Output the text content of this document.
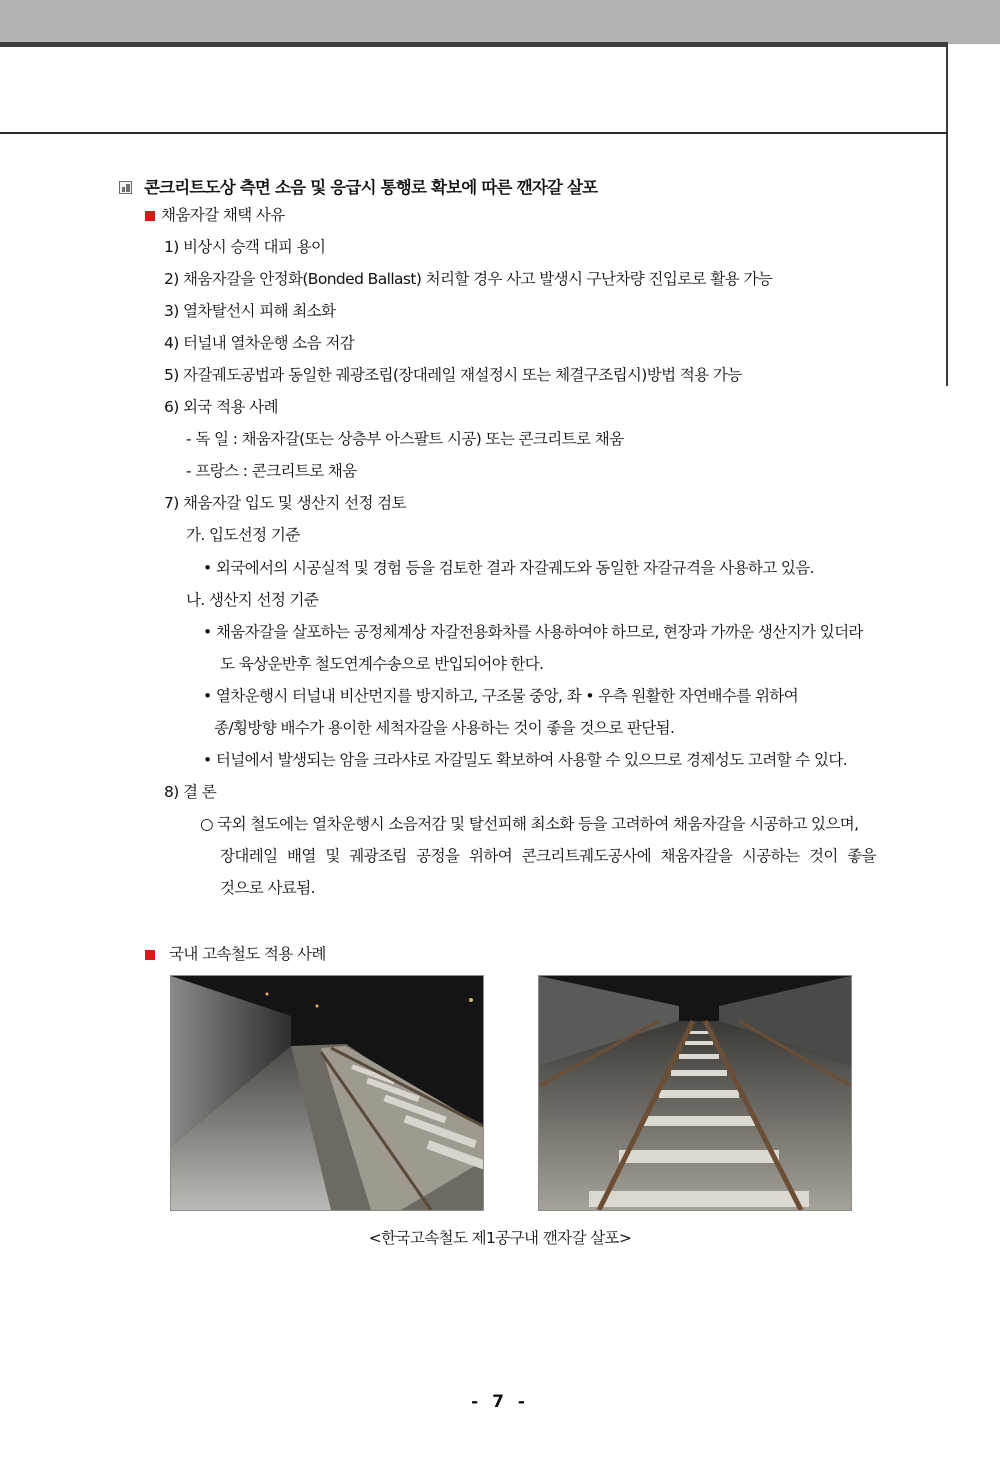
콘크리트도상 측면 소음 및 응급시 통행로 확보에 따른 깬자갈 살포
채움자갈 채택 사유
1) 비상시 승객 대피 용이
2) 채움자갈을 안정화(Bonded Ballast) 처리할 경우 사고 발생시 구난차량 진입로로 활용 가능
3) 열차탈선시 피해 최소화
4) 터널내 열차운행 소음 저감
5) 자갈궤도공법과 동일한 궤광조립(장대레일 재설정시 또는 체결구조립시)방법 적용 가능
6) 외국 적용 사례
- 독 일 : 채움자갈(또는 상층부 아스팔트 시공) 또는 콘크리트로 채움
- 프랑스 : 콘크리트로 채움
7) 채움자갈 입도 및 생산지 선정 검토
가. 입도선정 기준
• 외국에서의 시공실적 및 경험 등을 검토한 결과 자갈궤도와 동일한 자갈규격을 사용하고 있음.
나. 생산지 선정 기준
• 채움자갈을 살포하는 공정체계상 자갈전용화차를 사용하여야 하므로, 현장과 가까운 생산지가 있더라
도 육상운반후 철도연계수송으로 반입되어야 한다.
• 열차운행시 터널내 비산먼지를 방지하고, 구조물 중앙, 좌 • 우측 원활한 자연배수를 위하여
종/횡방향 배수가 용이한 세척자갈을 사용하는 것이 좋을 것으로 판단됨.
• 터널에서 발생되는 암을 크라샤로 자갈밀도 확보하여 사용할 수 있으므로 경제성도 고려할 수 있다.
8) 결 론
○ 국외 철도에는 열차운행시 소음저감 및 탈선피해 최소화 등을 고려하여 채움자갈을 시공하고 있으며,
장대레일 배열 및 궤광조립 공정을 위하여 콘크리트궤도공사에 채움자갈을 시공하는 것이 좋을
것으로 사료됨.
국내 고속철도 적용 사례
<한국고속철도 제1공구내 깬자갈 살포>
- 7 -
